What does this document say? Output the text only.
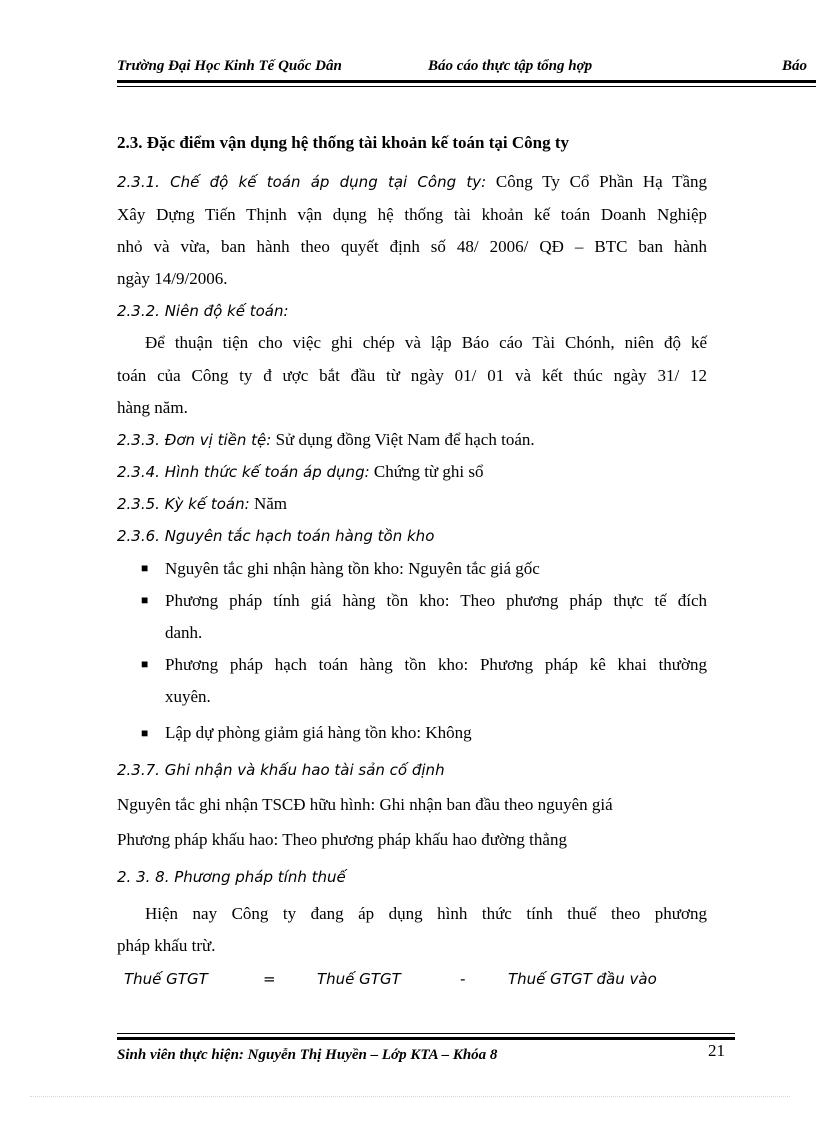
Trường Đại Học Kinh Tế Quốc Dân	Báo cáo thực tập tổng hợp	Báo
2.3. Đặc điểm vận dụng hệ thống tài khoản kế toán tại Công ty
2.3.1. Chế độ kế toán áp dụng tại Công ty: Công Ty Cổ Phần Hạ Tầng
Xây Dựng Tiến Thịnh vận dụng hệ thống tài khoản kế toán Doanh Nghiệp
nhỏ và vừa, ban hành theo quyết định số 48/ 2006/ QĐ – BTC ban hành
ngày 14/9/2006.
2.3.2. Niên độ kế toán:
Để thuận tiện cho việc ghi chép và lập Báo cáo Tài Chónh, niên độ kế
toán của Công ty đ ược bắt đầu từ ngày 01/ 01 và kết thúc ngày 31/ 12
hàng năm.
2.3.3. Đơn vị tiền tệ: Sử dụng đồng Việt Nam để hạch toán.
2.3.4. Hình thức kế toán áp dụng: Chứng từ ghi sổ
2.3.5. Kỳ kế toán: Năm
2.3.6. Nguyên tắc hạch toán hàng tồn kho
■ Nguyên tắc ghi nhận hàng tồn kho: Nguyên tắc giá gốc
■ Phương pháp tính giá hàng tồn kho: Theo phương pháp thực tế đích
danh.
■ Phương pháp hạch toán hàng tồn kho: Phương pháp kê khai thường
xuyên.
■ Lập dự phòng giảm giá hàng tồn kho: Không
2.3.7. Ghi nhận và khấu hao tài sản cố định
Nguyên tắc ghi nhận TSCĐ hữu hình: Ghi nhận ban đầu theo nguyên giá
Phương pháp khấu hao: Theo phương pháp khấu hao đường thẳng
2. 3. 8. Phương pháp tính thuế
Hiện nay Công ty đang áp dụng hình thức tính thuế theo phương
pháp khấu trừ.
Thuế GTGT	=	Thuế GTGT	-	Thuế GTGT đầu vào
Sinh viên thực hiện: Nguyễn Thị Huyền – Lớp KTA – Khóa 8	21
